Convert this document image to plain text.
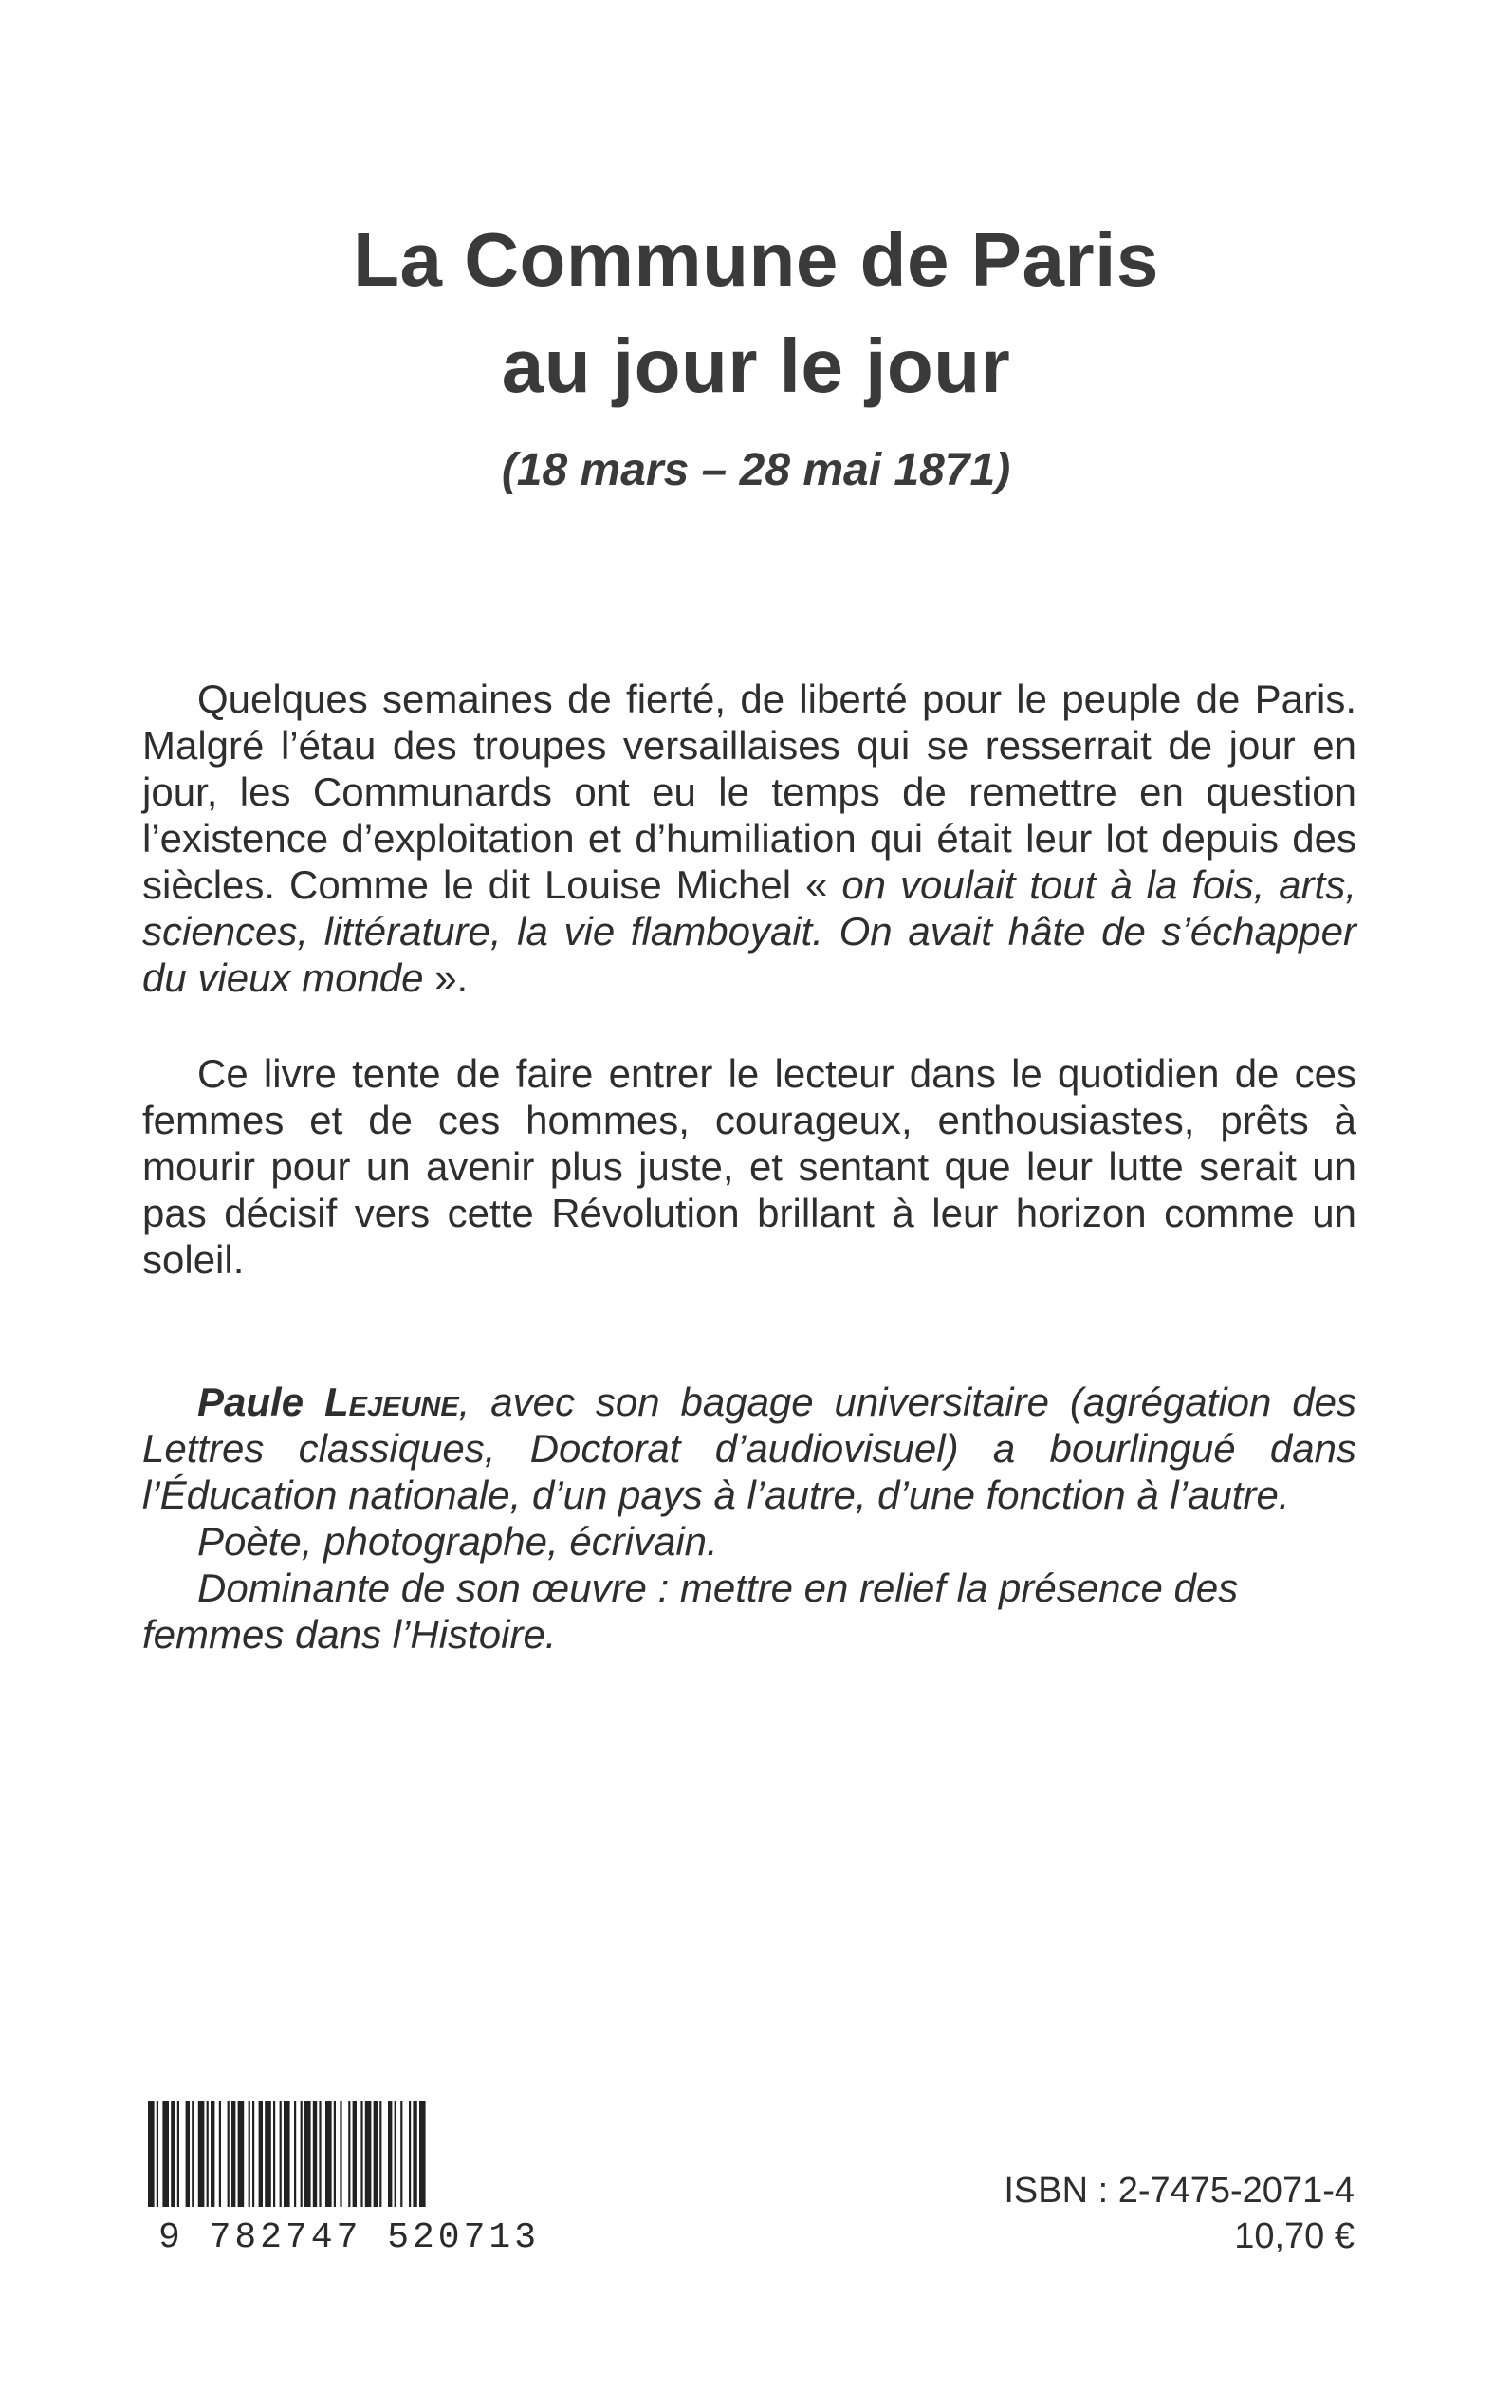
La Commune de Paris
au jour le jour
(18 mars – 28 mai 1871)

Quelques semaines de fierté, de liberté pour le peuple de Paris. Malgré l’étau des troupes versaillaises qui se resserrait de jour en jour, les Communards ont eu le temps de remettre en question l’existence d’exploitation et d’humiliation qui était leur lot depuis des siècles. Comme le dit Louise Michel « on voulait tout à la fois, arts, sciences, littérature, la vie flamboyait. On avait hâte de s’échapper du vieux monde ».

Ce livre tente de faire entrer le lecteur dans le quotidien de ces femmes et de ces hommes, courageux, enthousiastes, prêts à mourir pour un avenir plus juste, et sentant que leur lutte serait un pas décisif vers cette Révolution brillant à leur horizon comme un soleil.

Paule Lejeune, avec son bagage universitaire (agrégation des Lettres classiques, Doctorat d’audiovisuel) a bourlingué dans l’Éducation nationale, d’un pays à l’autre, d’une fonction à l’autre.

Poète, photographe, écrivain.

Dominante de son œuvre : mettre en relief la présence des femmes dans l’Histoire.

9 782747 520713
ISBN : 2-7475-2071-4
10,70 €
